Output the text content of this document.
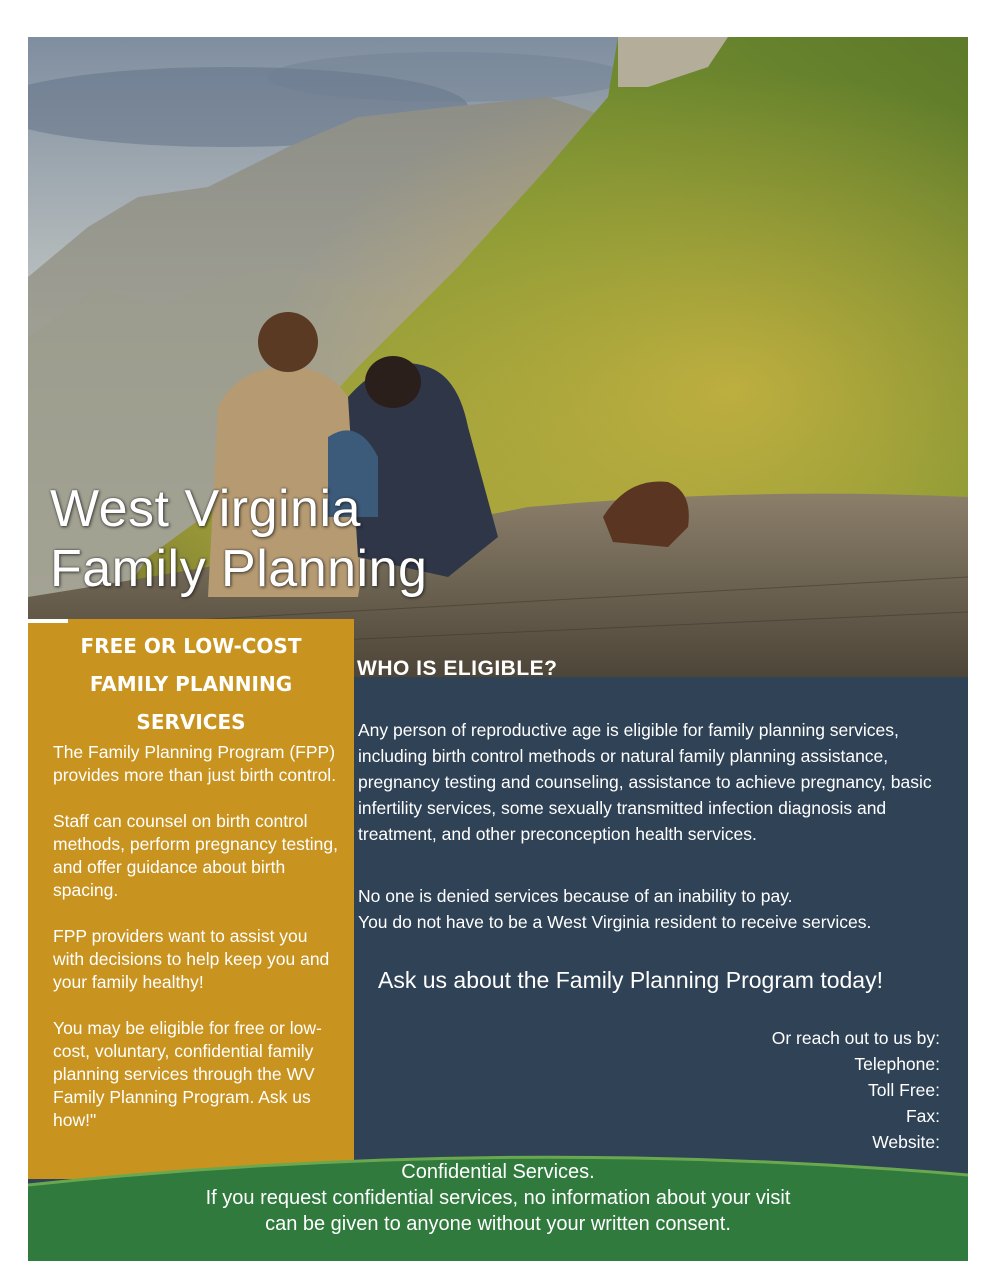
West Virginia
Family Planning
FREE OR LOW-COST
FAMILY PLANNING
SERVICES

The Family Planning Program (FPP) provides more than just birth control.

Staff can counsel on birth control methods, perform pregnancy testing, and offer guidance about birth spacing.

FPP providers want to assist you with decisions to help keep you and your family healthy!

You may be eligible for free or low-cost, voluntary, confidential family planning services through the WV Family Planning Program. Ask us how!"

WHO IS ELIGIBLE?
Any person of reproductive age is eligible for family planning services, including birth control methods or natural family planning assistance, pregnancy testing and counseling, assistance to achieve pregnancy, basic infertility services, some sexually transmitted infection diagnosis and treatment, and other preconception health services.
No one is denied services because of an inability to pay.
You do not have to be a West Virginia resident to receive services.
Ask us about the Family Planning Program today!
Or reach out to us by:
Telephone:
Toll Free:
Fax:
Website:
Confidential Services.
If you request confidential services, no information about your visit
can be given to anyone without your written consent.
